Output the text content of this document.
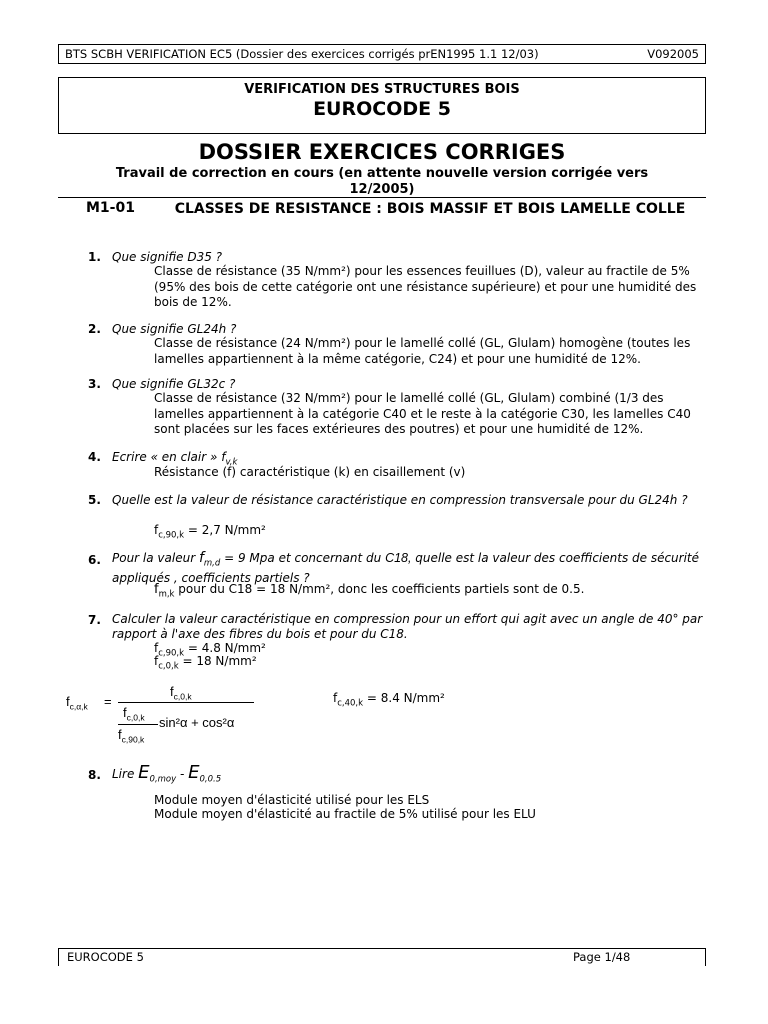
BTS SCBH VERIFICATION EC5 (Dossier des exercices corrigés prEN1995 1.1 12/03)	V092005
VERIFICATION DES STRUCTURES BOIS
EUROCODE 5
DOSSIER EXERCICES CORRIGES
Travail de correction en cours (en attente nouvelle version corrigée vers 12/2005)
M1-01	CLASSES DE RESISTANCE : BOIS MASSIF ET BOIS LAMELLE COLLE
1. Que signifie D35 ?
Classe de résistance (35 N/mm²) pour les essences feuillues (D), valeur au fractile de 5% (95% des bois de cette catégorie ont une résistance supérieure) et pour une humidité des bois de 12%.
2. Que signifie GL24h ?
Classe de résistance (24 N/mm²) pour le lamellé collé (GL, Glulam) homogène (toutes les lamelles appartiennent à la même catégorie, C24) et pour une humidité de 12%.
3. Que signifie GL32c ?
Classe de résistance (32 N/mm²) pour le lamellé collé (GL, Glulam) combiné (1/3 des lamelles appartiennent à la catégorie C40 et le reste à la catégorie C30, les lamelles C40 sont placées sur les faces extérieures des poutres) et pour une humidité de 12%.
4. Ecrire « en clair » $f_{v,k}$
Résistance (f) caractéristique (k) en cisaillement (v)
5. Quelle est la valeur de résistance caractéristique en compression transversale pour du GL24h ?
$f_{c,90,k} = 2,7$ N/mm²
6. Pour la valeur $f_{m,d} = 9$ Mpa et concernant du C18, quelle est la valeur des coefficients de sécurité appliqués , coefficients partiels ?
$f_{m,k}$ pour du C18 = 18 N/mm², donc les coefficients partiels sont de 0.5.
7. Calculer la valeur caractéristique en compression pour un effort qui agit avec un angle de 40° par rapport à l'axe des fibres du bois et pour du C18.
$f_{c,90,k} = 4.8$ N/mm²
$f_{c,0,k} = 18$ N/mm²
$f_{c,\alpha,k}$ =
$f_{c,0,k}$
$f_{c,0,k}$
$f_{c,90,k}$
sin²α + cos²α
$f_{c,40,k} = 8.4$ N/mm²
8. Lire $E_{0,moy} - E_{0,0.5}$
Module moyen d'élasticité utilisé pour les ELS
Module moyen d'élasticité au fractile de 5% utilisé pour les ELU
EUROCODE 5	Page 1/48
